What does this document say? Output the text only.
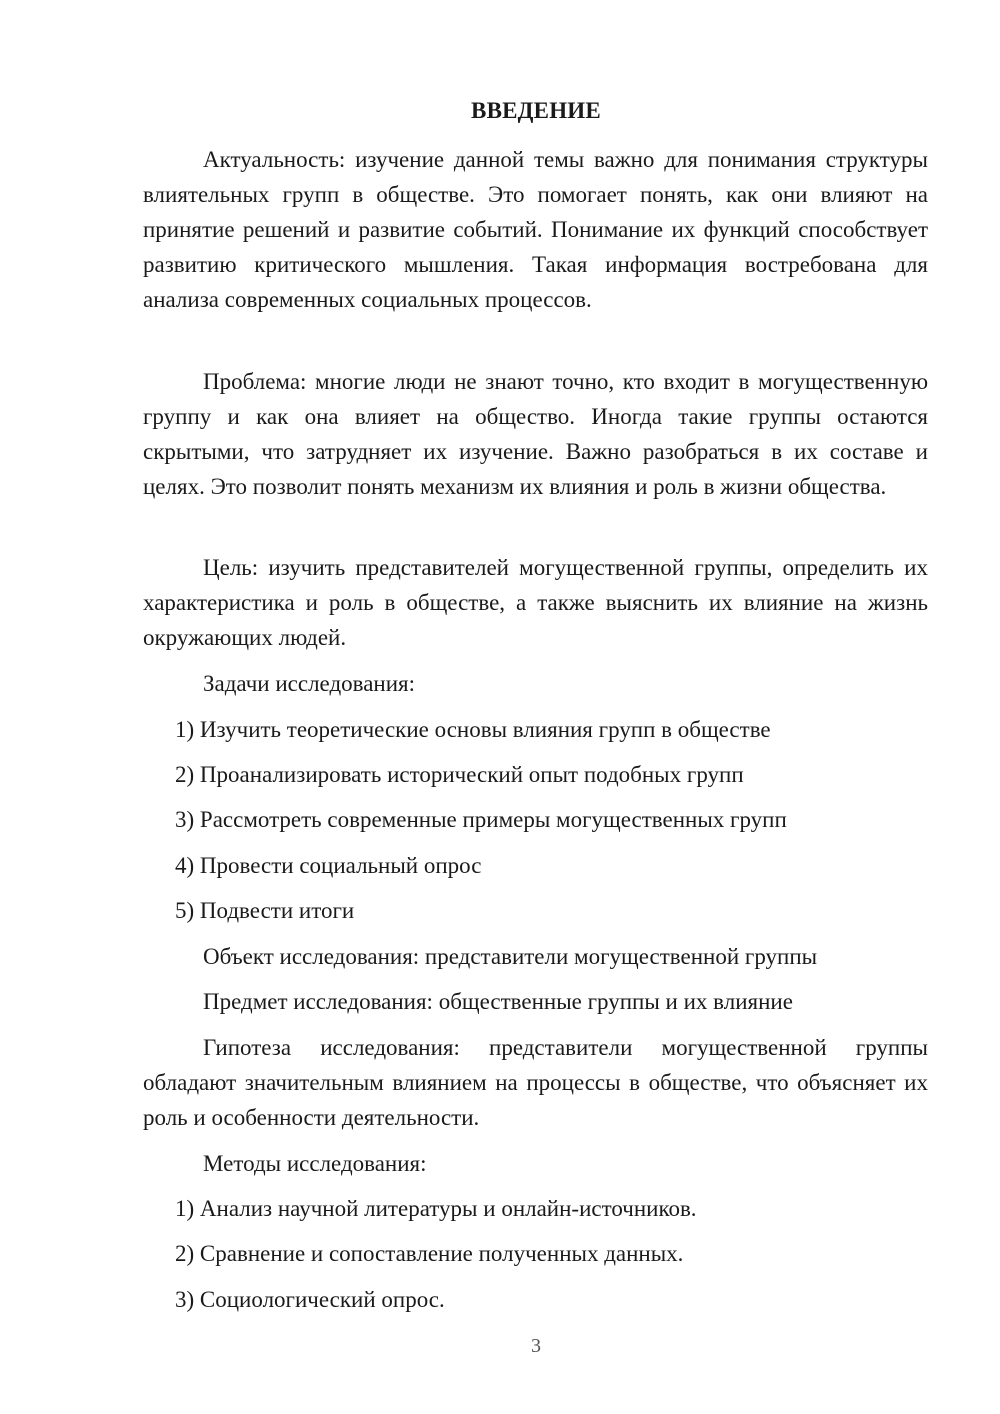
ВВЕДЕНИЕ

Актуальность: изучение данной темы важно для понимания структуры влиятельных групп в обществе. Это помогает понять, как они влияют на принятие решений и развитие событий. Понимание их функций способствует развитию критического мышления. Такая информация востребована для анализа современных социальных процессов.

Проблема: многие люди не знают точно, кто входит в могущественную группу и как она влияет на общество. Иногда такие группы остаются скрытыми, что затрудняет их изучение. Важно разобраться в их составе и целях. Это позволит понять механизм их влияния и роль в жизни общества.

Цель: изучить представителей могущественной группы, определить их характеристика и роль в обществе, а также выяснить их влияние на жизнь окружающих людей.

Задачи исследования:

1) Изучить теоретические основы влияния групп в обществе

2) Проанализировать исторический опыт подобных групп

3) Рассмотреть современные примеры могущественных групп

4) Провести социальный опрос

5) Подвести итоги

Объект исследования: представители могущественной группы

Предмет исследования: общественные группы и их влияние

Гипотеза исследования: представители могущественной группы обладают значительным влиянием на процессы в обществе, что объясняет их роль и особенности деятельности.

Методы исследования:

1) Анализ научной литературы и онлайн-источников.

2) Сравнение и сопоставление полученных данных.

3) Социологический опрос.

3
